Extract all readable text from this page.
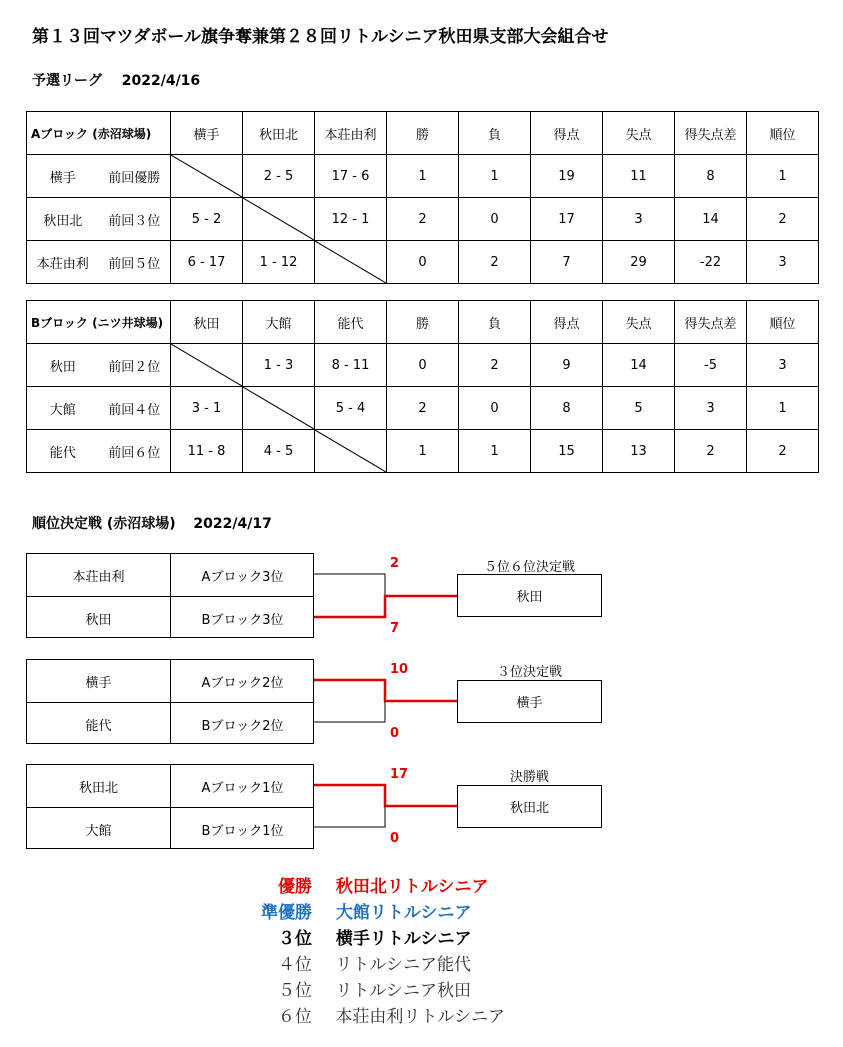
第１３回マツダボール旗争奪兼第２８回リトルシニア秋田県支部大会組合せ
予選リーグ 2022/4/16
Aブロック (赤沼球場)		横手	秋田北	本荘由利	勝	負	得点	失点	得失点差	順位
横手	前回優勝		2 - 5	17 - 6	1	1	19	11	8	1
秋田北	前回３位	5 - 2		12 - 1	2	0	17	3	14	2
本荘由利	前回５位	6 - 17	1 - 12		0	2	7	29	-22	3
Bブロック (ニツ井球場)		秋田	大館	能代	勝	負	得点	失点	得失点差	順位
秋田	前回２位		1 - 3	8 - 11	0	2	9	14	-5	3
大館	前回４位	3 - 1		5 - 4	2	0	8	5	3	1
能代	前回６位	11 - 8	4 - 5		1	1	15	13	2	2
順位決定戦 (赤沼球場) 2022/4/17
本荘由利	Aブロック3位
秋田	Bブロック3位
2
7
５位６位決定戦
秋田
横手	Aブロック2位
能代	Bブロック2位
10
0
３位決定戦
横手
秋田北	Aブロック1位
大館	Bブロック1位
17
0
決勝戦
秋田北
優勝 秋田北リトルシニア
準優勝 大館リトルシニア
３位 横手リトルシニア
４位 リトルシニア能代
５位 リトルシニア秋田
６位 本荘由利リトルシニア
